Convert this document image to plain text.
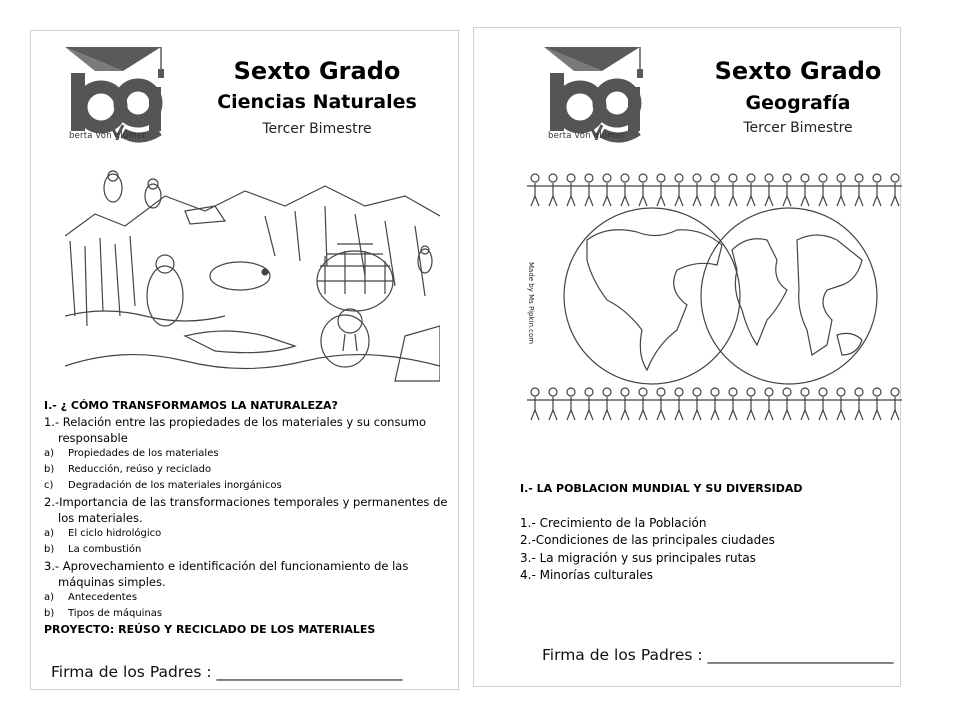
berta von glümer
Sexto Grado
Ciencias Naturales
Tercer Bimestre
I.- ¿ CÓMO TRANSFORMAMOS LA NATURALEZA?
1.- Relación entre las propiedades de los materiales y su consumo responsable
a) Propiedades de los materiales
b) Reducción, reúso y reciclado
c) Degradación de los materiales inorgánicos
2.-Importancia de las transformaciones temporales y permanentes de los materiales.
a) El ciclo hidrológico
b) La combustión
3.- Aprovechamiento e identificación del funcionamiento de las máquinas simples.
a) Antecedentes
b) Tipos de máquinas
PROYECTO: REÚSO Y RECICLADO DE LOS MATERIALES
Firma de los Padres : ________________________
berta von glümer
Sexto Grado
Geografía
Tercer Bimestre
Made by Ms Pipkin.com
I.- LA POBLACION MUNDIAL Y SU DIVERSIDAD
1.- Crecimiento de la Población
2.-Condiciones de las principales ciudades
3.- La migración y sus principales rutas
4.- Minorías culturales
Firma de los Padres : ________________________
